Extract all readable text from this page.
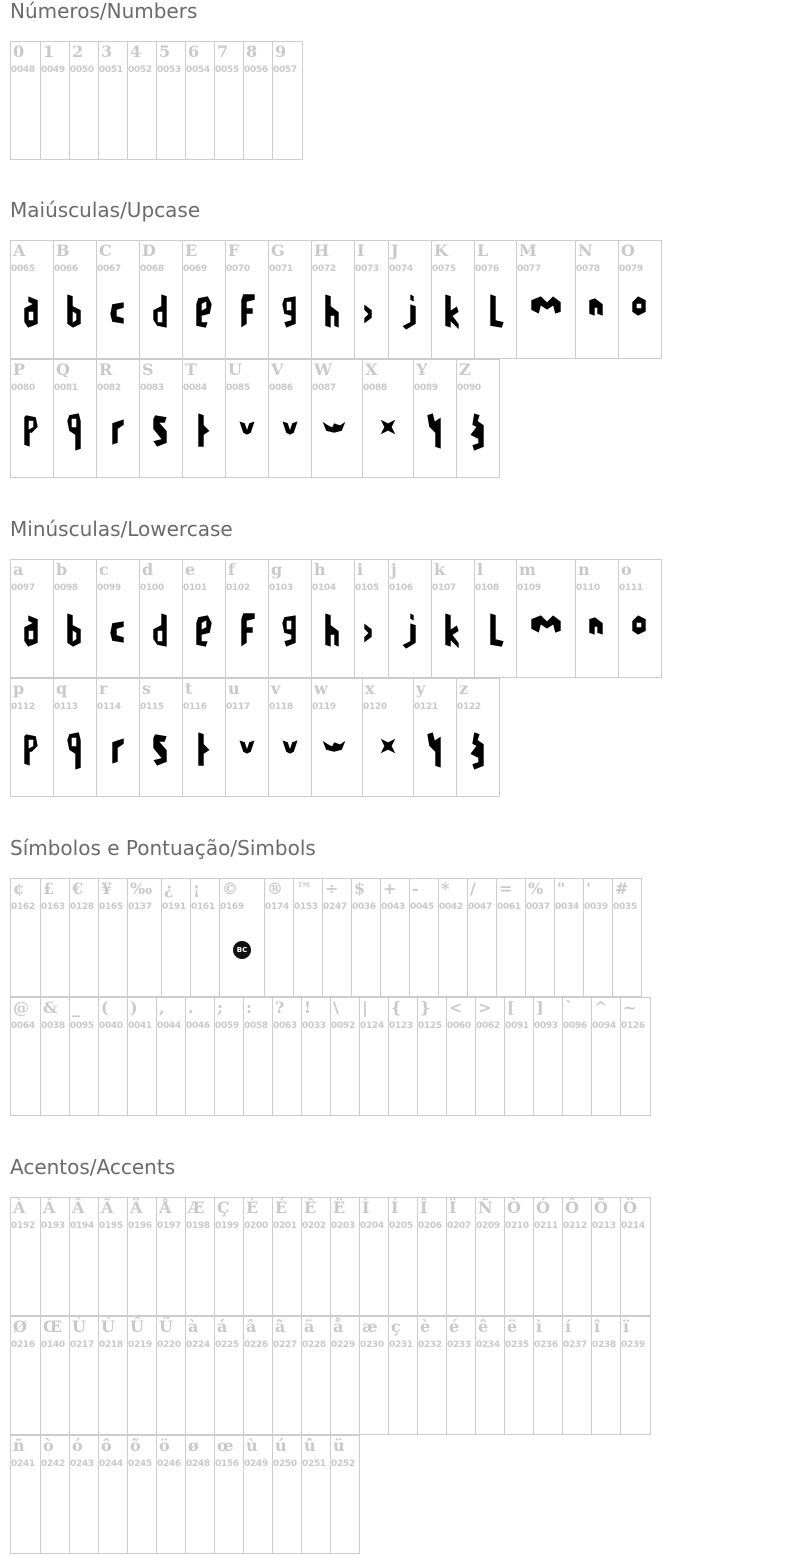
Números/Numbers
0
0048
1
0049
2
0050
3
0051
4
0052
5
0053
6
0054
7
0055
8
0056
9
0057
Maiúsculas/Upcase
A
0065
B
0066
C
0067
D
0068
E
0069
F
0070
G
0071
H
0072
I
0073
J
0074
K
0075
L
0076
M
0077
N
0078
O
0079
P
0080
Q
0081
R
0082
S
0083
T
0084
U
0085
V
0086
W
0087
X
0088
Y
0089
Z
0090
Minúsculas/Lowercase
a
0097
b
0098
c
0099
d
0100
e
0101
f
0102
g
0103
h
0104
i
0105
j
0106
k
0107
l
0108
m
0109
n
0110
o
0111
p
0112
q
0113
r
0114
s
0115
t
0116
u
0117
v
0118
w
0119
x
0120
y
0121
z
0122
Símbolos e Pontuação/Simbols
¢
0162
£
0163
€
0128
¥
0165
‰
0137
¿
0191
¡
0161
©
0169
BC
®
0174
™
0153
÷
0247
$
0036
+
0043
-
0045
*
0042
/
0047
=
0061
%
0037
"
0034
'
0039
#
0035
@
0064
&
0038
_
0095
(
0040
)
0041
,
0044
.
0046
;
0059
:
0058
?
0063
!
0033
\
0092
|
0124
{
0123
}
0125
<
0060
>
0062
[
0091
]
0093
`
0096
^
0094
~
0126
Acentos/Accents
À
0192
Á
0193
Â
0194
Ã
0195
Ä
0196
Å
0197
Æ
0198
Ç
0199
È
0200
É
0201
Ê
0202
Ë
0203
Ì
0204
Í
0205
Î
0206
Ï
0207
Ñ
0209
Ò
0210
Ó
0211
Ô
0212
Õ
0213
Ö
0214
Ø
0216
Œ
0140
Ù
0217
Ú
0218
Û
0219
Ü
0220
à
0224
á
0225
â
0226
ã
0227
ä
0228
å
0229
æ
0230
ç
0231
è
0232
é
0233
ê
0234
ë
0235
ì
0236
í
0237
î
0238
ï
0239
ñ
0241
ò
0242
ó
0243
ô
0244
õ
0245
ö
0246
ø
0248
œ
0156
ù
0249
ú
0250
û
0251
ü
0252
